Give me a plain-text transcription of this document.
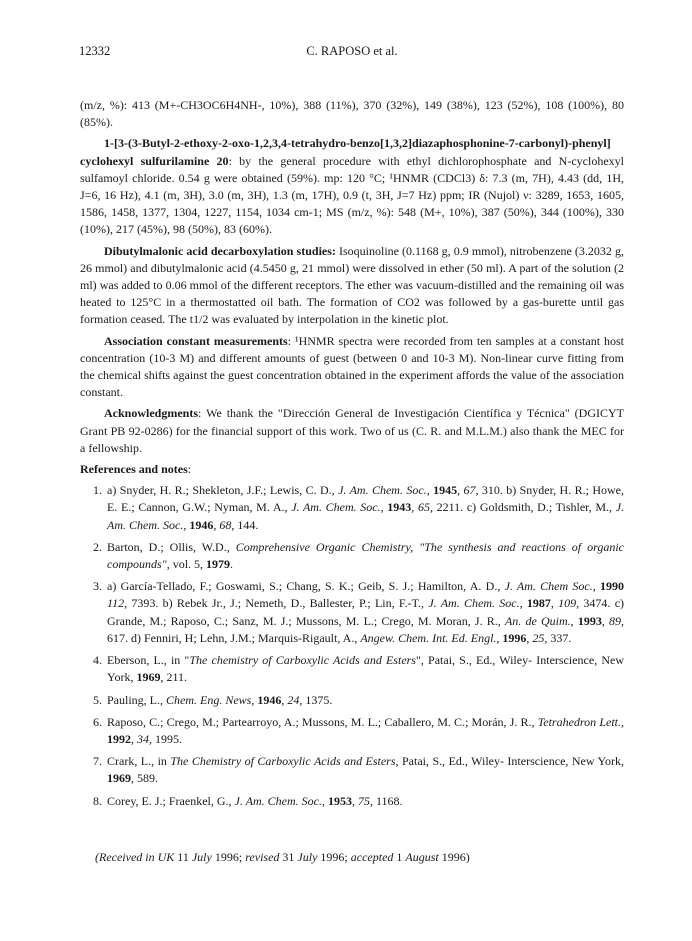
12332	C. RAPOSO et al.

(m/z, %): 413 (M+-CH3OC6H4NH-, 10%), 388 (11%), 370 (32%), 149 (38%), 123 (52%), 108 (100%), 80 (85%).

1-[3-(3-Butyl-2-ethoxy-2-oxo-1,2,3,4-tetrahydro-benzo[1,3,2]diazaphosphonine-7-carbonyl)-phenyl] cyclohexyl sulfurilamine 20: by the general procedure with ethyl dichlorophosphate and N-cyclohexyl sulfamoyl chloride. 0.54 g were obtained (59%). mp: 120 °C; ¹HNMR (CDCl3) δ: 7.3 (m, 7H), 4.43 (dd, 1H, J=6, 16 Hz), 4.1 (m, 3H), 3.0 (m, 3H), 1.3 (m, 17H), 0.9 (t, 3H, J=7 Hz) ppm; IR (Nujol) ν: 3289, 1653, 1605, 1586, 1458, 1377, 1304, 1227, 1154, 1034 cm-1; MS (m/z, %): 548 (M+, 10%), 387 (50%), 344 (100%), 330 (10%), 217 (45%), 98 (50%), 83 (60%).

Dibutylmalonic acid decarboxylation studies: Isoquinoline (0.1168 g, 0.9 mmol), nitrobenzene (3.2032 g, 26 mmol) and dibutylmalonic acid (4.5450 g, 21 mmol) were dissolved in ether (50 ml). A part of the solution (2 ml) was added to 0.06 mmol of the different receptors. The ether was vacuum-distilled and the remaining oil was heated to 125°C in a thermostatted oil bath. The formation of CO2 was followed by a gas-burette until gas formation ceased. The t1/2 was evaluated by interpolation in the kinetic plot.

Association constant measurements: ¹HNMR spectra were recorded from ten samples at a constant host concentration (10-3 M) and different amounts of guest (between 0 and 10-3 M). Non-linear curve fitting from the chemical shifts against the guest concentration obtained in the experiment affords the value of the association constant.

Acknowledgments: We thank the "Dirección General de Investigación Científica y Técnica" (DGICYT Grant PB 92-0286) for the financial support of this work. Two of us (C. R. and M.L.M.) also thank the MEC for a fellowship.

References and notes:

1. a) Snyder, H. R.; Shekleton, J.F.; Lewis, C. D., J. Am. Chem. Soc., 1945, 67, 310. b) Snyder, H. R.; Howe, E. E.; Cannon, G.W.; Nyman, M. A., J. Am. Chem. Soc., 1943, 65, 2211. c) Goldsmith, D.; Tishler, M., J. Am. Chem. Soc., 1946, 68, 144.
2. Barton, D.; Ollis, W.D., Comprehensive Organic Chemistry, "The synthesis and reactions of organic compounds", vol. 5, 1979.
3. a) García-Tellado, F.; Goswami, S.; Chang, S. K.; Geib, S. J.; Hamilton, A. D., J. Am. Chem Soc., 1990 112, 7393. b) Rebek Jr., J.; Nemeth, D., Ballester, P.; Lin, F.-T., J. Am. Chem. Soc., 1987, 109, 3474. c) Grande, M.; Raposo, C.; Sanz, M. J.; Mussons, M. L.; Crego, M. Moran, J. R., An. de Quim., 1993, 89, 617. d) Fenniri, H; Lehn, J.M.; Marquis-Rigault, A., Angew. Chem. Int. Ed. Engl., 1996, 25, 337.
4. Eberson, L., in "The chemistry of Carboxylic Acids and Esters", Patai, S., Ed., Wiley- Interscience, New York, 1969, 211.
5. Pauling, L., Chem. Eng. News, 1946, 24, 1375.
6. Raposo, C.; Crego, M.; Partearroyo, A.; Mussons, M. L.; Caballero, M. C.; Morán, J. R., Tetrahedron Lett., 1992, 34, 1995.
7. Crark, L., in The Chemistry of Carboxylic Acids and Esters, Patai, S., Ed., Wiley- Interscience, New York, 1969, 589.
8. Corey, E. J.; Fraenkel, G., J. Am. Chem. Soc., 1953, 75, 1168.
(Received in UK 11 July 1996; revised 31 July 1996; accepted 1 August 1996)
